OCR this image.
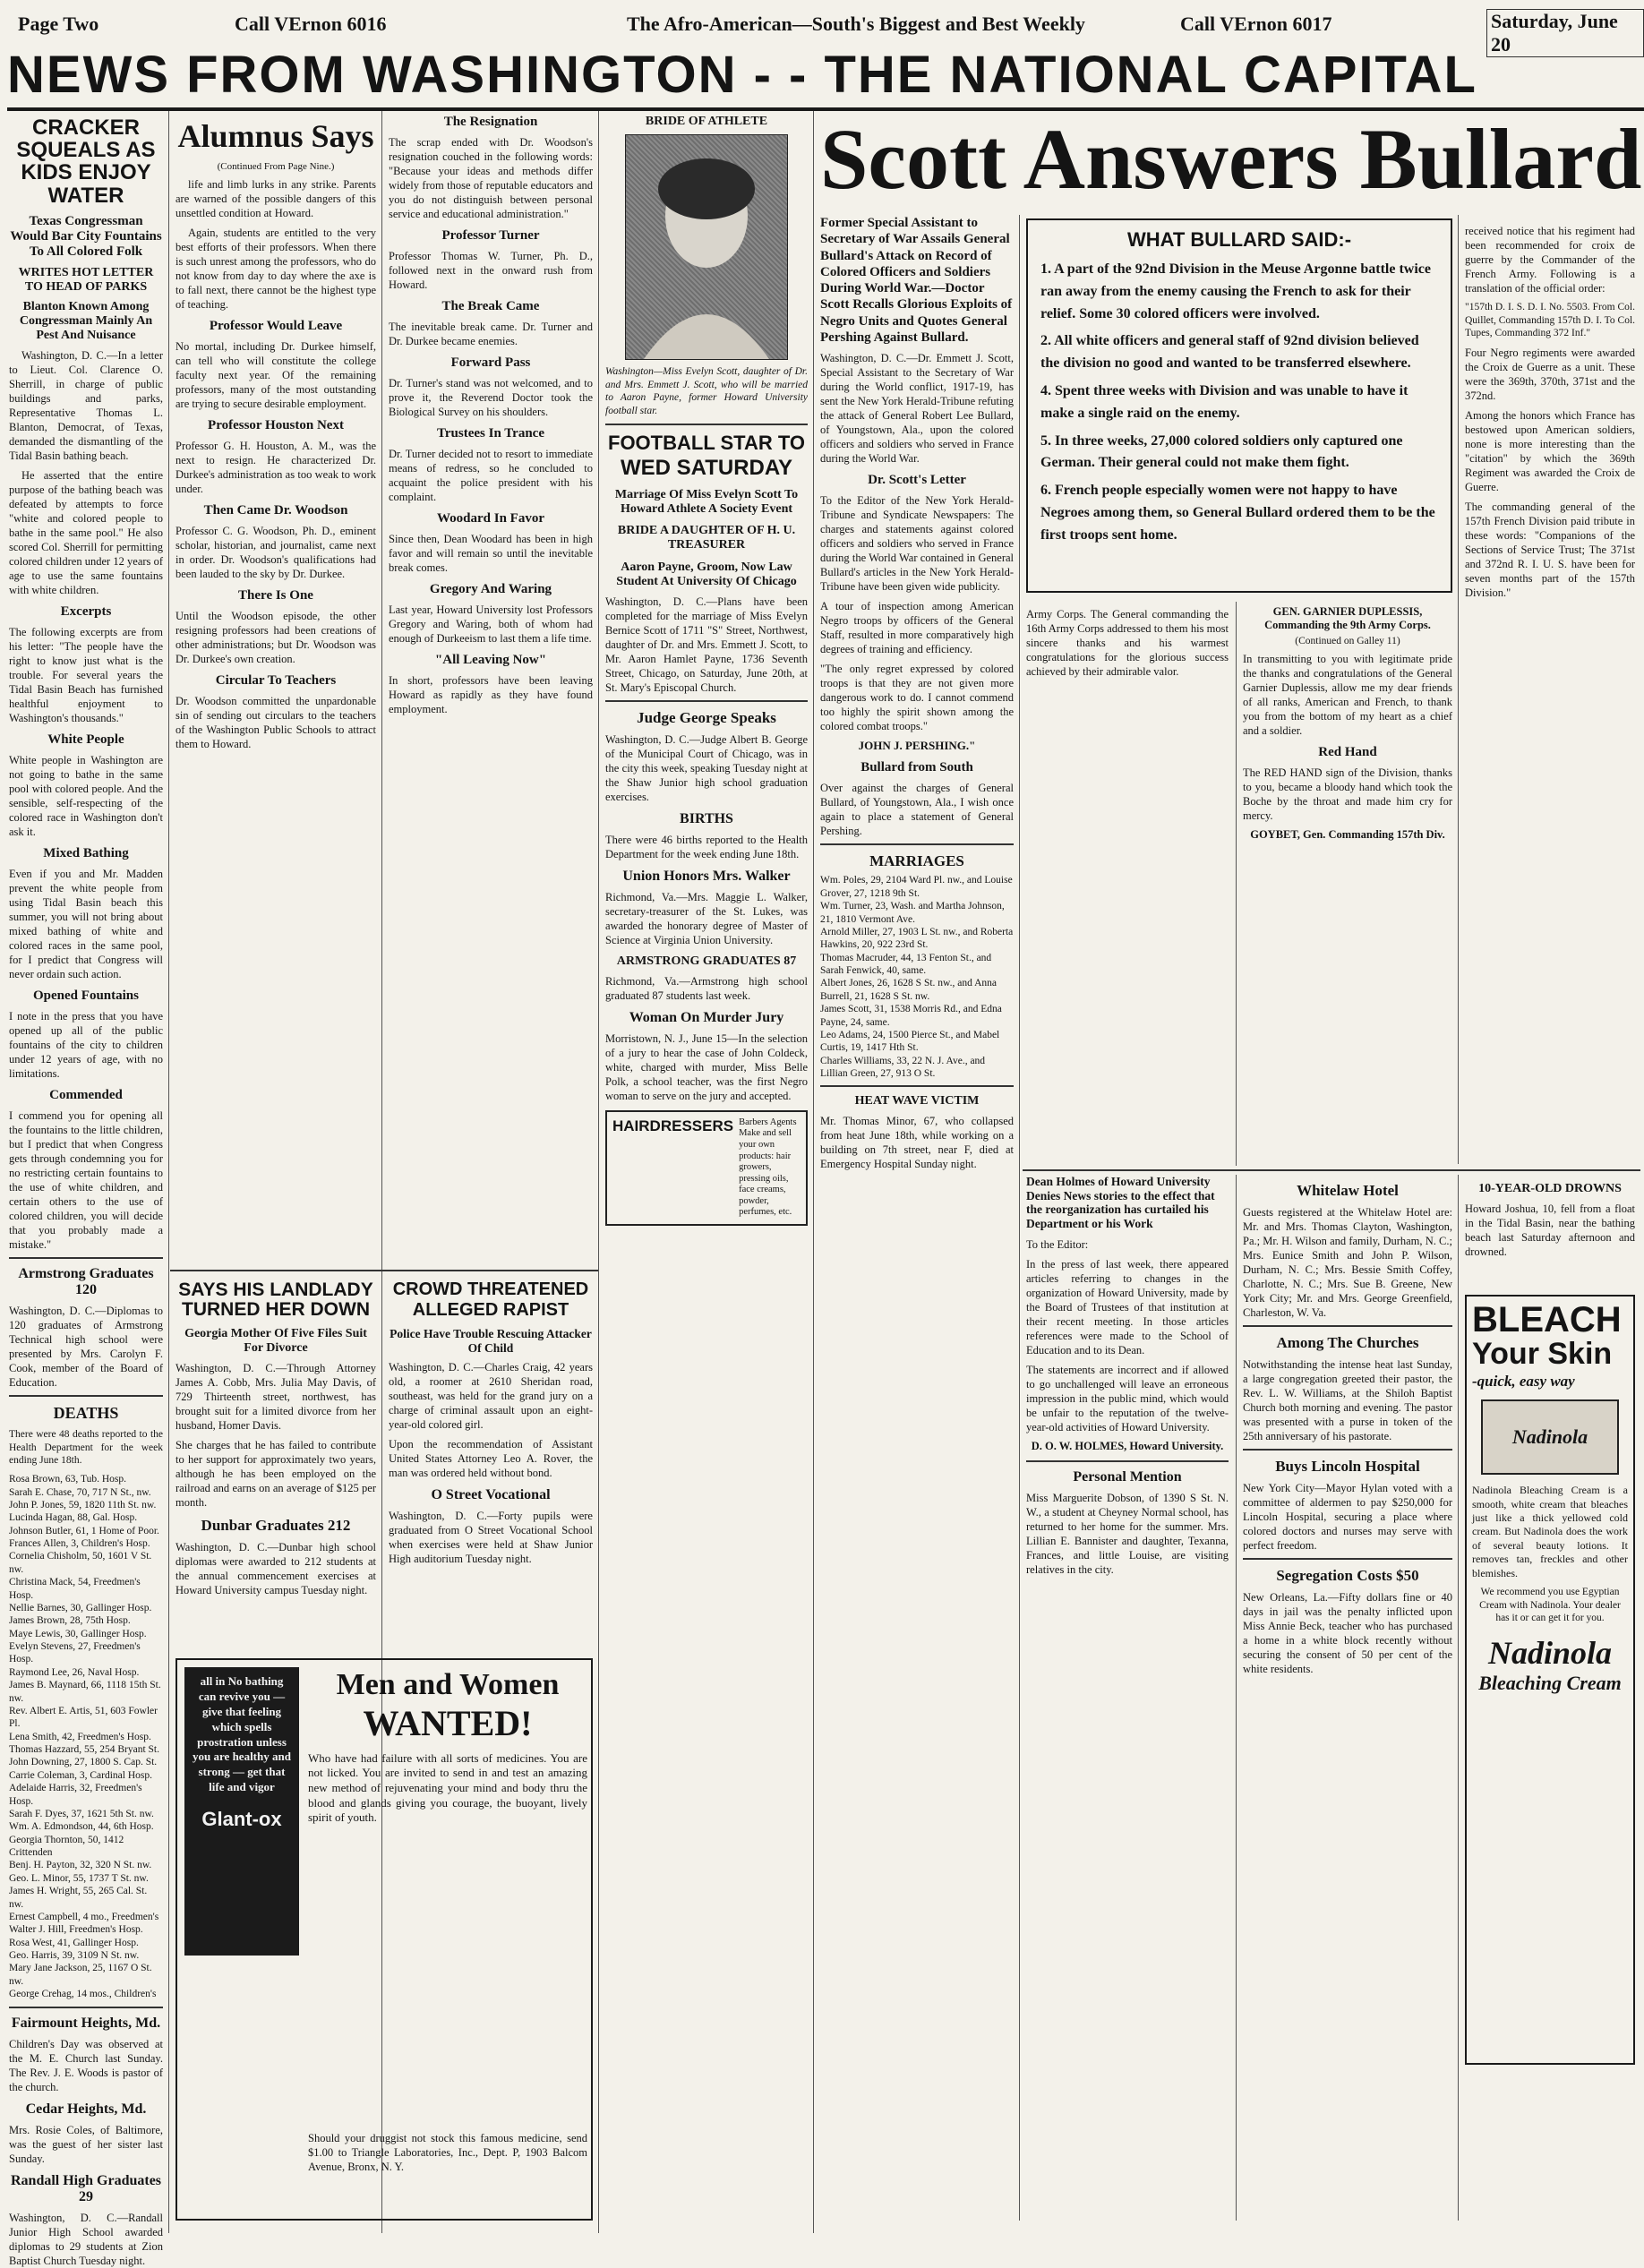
Page Two	Call VErnon 6016	The Afro-American—South's Biggest and Best Weekly	Call VErnon 6017	Saturday, June 20
NEWS FROM WASHINGTON - - THE NATIONAL CAPITAL
CRACKER SQUEALS AS KIDS ENJOY WATER
Texas Congressman Would Bar City Fountains To All Colored Folk
WRITES HOT LETTER TO HEAD OF PARKS
Blanton Known Among Congressman Mainly An Pest And Nuisance

Washington, D. C.—In a letter to Lieut. Col. Clarence O. Sherrill, in charge of public buildings and parks, Representative Thomas L. Blanton, Democrat, of Texas, demanded the dismantling of the Tidal Basin bathing beach.

He asserted that the entire purpose of the bathing beach was defeated by attempts to force "white and colored people to bathe in the same pool." He also scored Col. Sherrill for permitting colored children under 12 years of age to use the same fountains with white children.

Excerpts
The following excerpts are from his letter: "The people have the right to know just what is the trouble. For several years the Tidal Basin Beach has furnished healthful enjoyment to Washington's thousands."
White People
White people in Washington are not going to bathe in the same pool with colored people. And the sensible, self-respecting of the colored race in Washington don't ask it.
Mixed Bathing
Even if you and Mr. Madden prevent the white people from using Tidal Basin beach this summer, you will not bring about mixed bathing of white and colored races in the same pool, for I predict that Congress will never ordain such action.
Opened Fountains
I note in the press that you have opened up all of the public fountains of the city to children under 12 years of age, with no limitations.
Commended
I commend you for opening all the fountains to the little children, but I predict that when Congress gets through condemning you for no restricting certain fountains to the use of white children, and certain others to the use of colored children, you will decide that you probably made a mistake."
Armstrong Graduates 120
Washington, D. C.—Diplomas to 120 graduates of Armstrong Technical high school were presented by Mrs. Carolyn F. Cook, member of the Board of Education.
DEATHS
There were 48 deaths reported to the Health Department for the week ending June 18th.
Rosa Brown, 63, Tub. Hosp.
Sarah E. Chase, 70, 717 N St., nw.
John P. Jones, 59, 1820 11th St. nw.
Lucinda Hagan, 88, Gal. Hosp.
Johnson Butler, 61, 1 Home of Poor.
Frances Allen, 3, Children's Hosp.
Cornelia Chisholm, 50, 1601 V St. nw.
Christina Mack, 54, Freedmen's Hosp.
Nellie Barnes, 30, Gallinger Hosp.
James Brown, 28, 75th Hosp.
Maye Lewis, 30, Gallinger Hosp.
Evelyn Stevens, 27, Freedmen's Hosp.
Raymond Lee, 26, Naval Hosp.
James B. Maynard, 66, 1118 15th St. nw.
Rev. Albert E. Artis, 51, 603 Fowler Pl.
Lena Smith, 42, Freedmen's Hosp.
Thomas Hazzard, 55, 254 Bryant St.
John Downing, 27, 1800 S. Cap. St.
Carrie Coleman, 3, Cardinal Hosp.
Adelaide Harris, 32, Freedmen's Hosp.
Sarah F. Dyes, 37, 1621 5th St. nw.
Wm. A. Edmondson, 44, 6th Hosp.
Georgia Thornton, 50, 1412 Crittenden
Benj. H. Payton, 32, 320 N St. nw.
Geo. L. Minor, 55, 1737 T St. nw.
James H. Wright, 55, 265 Cal. St. nw.
Ernest Campbell, 4 mo., Freedmen's
Walter J. Hill, Freedmen's Hosp.
Rosa West, 41, Gallinger Hosp.
Geo. Harris, 39, 3109 N St. nw.
Mary Jane Jackson, 25, 1167 O St. nw.
George Crehag, 14 mos., Children's
Fairmount Heights, Md.
Children's Day was observed at the M. E. Church last Sunday. The Rev. J. E. Woods is pastor of the church.
Cedar Heights, Md.
Mrs. Rosie Coles, of Baltimore, was the guest of her sister last Sunday.
Randall High Graduates 29
Washington, D. C.—Randall Junior High School awarded diplomas to 29 students at Zion Baptist Church Tuesday night.
Alumnus Says
(Continued From Page Nine.)

life and limb lurks in any strike. Parents are warned of the possible dangers of this unsettled condition at Howard.

Again, students are entitled to the very best efforts of their professors. When there is such unrest among the professors, who do not know from day to day where the axe is to fall next, there cannot be the highest type of teaching.

Professor Would Leave
No mortal, including Dr. Durkee himself, can tell who will constitute the college faculty next year. Of the remaining professors, many of the most outstanding are trying to secure desirable employment.
Professor Houston Next
Professor G. H. Houston, A. M., was the next to resign. He characterized Dr. Durkee's administration as too weak to work under.
Then Came Dr. Woodson
Professor C. G. Woodson, Ph. D., eminent scholar, historian, and journalist, came next in order. Dr. Woodson's qualifications had been lauded to the sky by Dr. Durkee.
There Is One
Until the Woodson episode, the other resigning professors had been creations of other administrations; but Dr. Woodson was Dr. Durkee's own creation.
Circular To Teachers
Dr. Woodson committed the unpardonable sin of sending out circulars to the teachers of the Washington Public Schools to attract them to Howard.
The Resignation
The scrap ended with Dr. Woodson's resignation couched in the following words: "Because your ideas and methods differ widely from those of reputable educators and you do not distinguish between personal service and educational administration."
Professor Turner
Professor Thomas W. Turner, Ph. D., followed next in the onward rush from Howard.
The Break Came
The inevitable break came. Dr. Turner and Dr. Durkee became enemies.
Forward Pass
Dr. Turner's stand was not welcomed, and to prove it, the Reverend Doctor took the Biological Survey on his shoulders.
Trustees In Trance
Dr. Turner decided not to resort to immediate means of redress, so he concluded to acquaint the police president with his complaint.
Woodard In Favor
Since then, Dean Woodard has been in high favor and will remain so until the inevitable break comes.
Gregory And Waring
Last year, Howard University lost Professors Gregory and Waring, both of whom had enough of Durkeeism to last them a life time.
"All Leaving Now"
In short, professors have been leaving Howard as rapidly as they have found employment.
SAYS HIS LANDLADY TURNED HER DOWN
Georgia Mother Of Five Files Suit For Divorce
Washington, D. C.—Through Attorney James A. Cobb, Mrs. Julia May Davis, of 729 Thirteenth street, northwest, has brought suit for a limited divorce from her husband, Homer Davis.
She charges that he has failed to contribute to her support for approximately two years, although he has been employed on the railroad and earns on an average of $125 per month.
Dunbar Graduates 212
Washington, D. C.—Dunbar high school diplomas were awarded to 212 students at the annual commencement exercises at Howard University campus Tuesday night.
CROWD THREATENED
ALLEGED RAPIST
Police Have Trouble Rescuing Attacker Of Child
Washington, D. C.—Charles Craig, 42 years old, a roomer at 2610 Sheridan road, southeast, was held for the grand jury on a charge of criminal assault upon an eight-year-old colored girl.
Upon the recommendation of Assistant United States Attorney Leo A. Rover, the man was ordered held without bond.
O Street Vocational
Washington, D. C.—Forty pupils were graduated from O Street Vocational School when exercises were held at Shaw Junior High auditorium Tuesday night.
all in No bathing can revive you — give that feeling which spells prostration unless you are healthy and strong — get that life and vigor
Glant-ox
Men and Women
WANTED!
Who have had failure with all sorts of medicines. You are not licked. You are invited to send in and test an amazing new method of rejuvenating your mind and body thru the blood and glands giving you courage, the buoyant, lively spirit of youth.
Should your druggist not stock this famous medicine, send $1.00 to Triangle Laboratories, Inc., Dept. P, 1903 Balcom Avenue, Bronx, N. Y.
BRIDE OF ATHLETE
Washington—Miss Evelyn Scott, daughter of Dr. and Mrs. Emmett J. Scott, who will be married to Aaron Payne, former Howard University football star.
FOOTBALL STAR TO
WED SATURDAY
Marriage Of Miss Evelyn Scott To Howard Athlete A Society Event
BRIDE A DAUGHTER OF H. U. TREASURER
Aaron Payne, Groom, Now Law Student At University Of Chicago
Washington, D. C.—Plans have been completed for the marriage of Miss Evelyn Bernice Scott of 1711 "S" Street, Northwest, daughter of Dr. and Mrs. Emmett J. Scott, to Mr. Aaron Hamlet Payne, 1736 Seventh Street, Chicago, on Saturday, June 20th, at St. Mary's Episcopal Church.
Judge George Speaks
Washington, D. C.—Judge Albert B. George of the Municipal Court of Chicago, was in the city this week, speaking Tuesday night at the Shaw Junior high school graduation exercises.
BIRTHS
There were 46 births reported to the Health Department for the week ending June 18th.
Union Honors Mrs. Walker
Richmond, Va.—Mrs. Maggie L. Walker, secretary-treasurer of the St. Lukes, was awarded the honorary degree of Master of Science at Virginia Union University.
ARMSTRONG GRADUATES 87
Richmond, Va.—Armstrong high school graduated 87 students last week.
Woman On Murder Jury
Morristown, N. J., June 15—In the selection of a jury to hear the case of John Coldeck, white, charged with murder, Miss Belle Polk, a school teacher, was the first Negro woman to serve on the jury and accepted.
HAIRDRESSERS Barbers Agents Make and sell your own products: hair growers, pressing oils, face creams, powder, perfumes, etc.
Scott Answers Bullard
Former Special Assistant to Secretary of War Assails General Bullard's Attack on Record of Colored Officers and Soldiers During World War.—Doctor Scott Recalls Glorious Exploits of Negro Units and Quotes General Pershing Against Bullard.
Washington, D. C.—Dr. Emmett J. Scott, Special Assistant to the Secretary of War during the World conflict, 1917-19, has sent the New York Herald-Tribune refuting the attack of General Robert Lee Bullard, of Youngstown, Ala., upon the colored officers and soldiers who served in France during the World War.
Dr. Scott's Letter
To the Editor of the New York Herald-Tribune and Syndicate Newspapers: The charges and statements against colored officers and soldiers who served in France during the World War contained in General Bullard's articles in the New York Herald-Tribune have been given wide publicity.
A tour of inspection among American Negro troops by officers of the General Staff, resulted in more comparatively high degrees of training and efficiency.
"The only regret expressed by colored troops is that they are not given more dangerous work to do. I cannot commend too highly the spirit shown among the colored combat troops."
JOHN J. PERSHING."
Bullard from South
Over against the charges of General Bullard, of Youngstown, Ala., I wish once again to place a statement of General Pershing.
MARRIAGES
Wm. Poles, 29, 2104 Ward Pl. nw., and Louise Grover, 27, 1218 9th St.
Wm. Turner, 23, Wash. and Martha Johnson, 21, 1810 Vermont Ave.
Arnold Miller, 27, 1903 L St. nw., and Roberta Hawkins, 20, 922 23rd St.
Thomas Macruder, 44, 13 Fenton St., and Sarah Fenwick, 40, same.
Albert Jones, 26, 1628 S St. nw., and Anna Burrell, 21, 1628 S St. nw.
James Scott, 31, 1538 Morris Rd., and Edna Payne, 24, same.
Leo Adams, 24, 1500 Pierce St., and Mabel Curtis, 19, 1417 Hth St.
Charles Williams, 33, 22 N. J. Ave., and Lillian Green, 27, 913 O St.
HEAT WAVE VICTIM
Mr. Thomas Minor, 67, who collapsed from heat June 18th, while working on a building on 7th street, near F, died at Emergency Hospital Sunday night.
WHAT BULLARD SAID:-
1. A part of the 92nd Division in the Meuse Argonne battle twice ran away from the enemy causing the French to ask for their relief. Some 30 colored officers were involved.
2. All white officers and general staff of 92nd division believed the division no good and wanted to be transferred elsewhere.
4. Spent three weeks with Division and was unable to have it make a single raid on the enemy.
5. In three weeks, 27,000 colored soldiers only captured one German. Their general could not make them fight.
6. French people especially women were not happy to have Negroes among them, so General Bullard ordered them to be the first troops sent home.
Army Corps. The General commanding the 16th Army Corps addressed to them his most sincere thanks and his warmest congratulations for the glorious success achieved by their admirable valor.
GEN. GARNIER DUPLESSIS, Commanding the 9th Army Corps.
(Continued on Galley 11)
In transmitting to you with legitimate pride the thanks and congratulations of the General Garnier Duplessis, allow me my dear friends of all ranks, American and French, to thank you from the bottom of my heart as a chief and a soldier.
Red Hand
The RED HAND sign of the Division, thanks to you, became a bloody hand which took the Boche by the throat and made him cry for mercy.
GOYBET, Gen. Commanding 157th Div.
received notice that his regiment had been recommended for croix de guerre by the Commander of the French Army. Following is a translation of the official order:
"157th D. I. S. D. I. No. 5503. From Col. Quillet, Commanding 157th D. I. To Col. Tupes, Commanding 372 Inf."
Four Negro regiments were awarded the Croix de Guerre as a unit. These were the 369th, 370th, 371st and the 372nd.
Among the honors which France has bestowed upon American soldiers, none is more interesting than the "citation" by which the 369th Regiment was awarded the Croix de Guerre.
The commanding general of the 157th French Division paid tribute in these words: "Companions of the Sections of Service Trust; The 371st and 372nd R. I. U. S. have been for seven months part of the 157th Division."
Dean Holmes of Howard University Denies News stories to the effect that the reorganization has curtailed his Department or his Work
To the Editor:
In the press of last week, there appeared articles referring to changes in the organization of Howard University, made by the Board of Trustees of that institution at their recent meeting. In those articles references were made to the School of Education and to its Dean.
The statements are incorrect and if allowed to go unchallenged will leave an erroneous impression in the public mind, which would be unfair to the reputation of the twelve-year-old activities of Howard University.
D. O. W. HOLMES, Howard University.
Personal Mention
Miss Marguerite Dobson, of 1390 S St. N. W., a student at Cheyney Normal school, has returned to her home for the summer. Mrs. Lillian E. Bannister and daughter, Texanna, Frances, and little Louise, are visiting relatives in the city.
Whitelaw Hotel
Guests registered at the Whitelaw Hotel are: Mr. and Mrs. Thomas Clayton, Washington, Pa.; Mr. H. Wilson and family, Durham, N. C.; Mrs. Eunice Smith and John P. Wilson, Durham, N. C.; Mrs. Bessie Smith Coffey, Charlotte, N. C.; Mrs. Sue B. Greene, New York City; Mr. and Mrs. George Greenfield, Charleston, W. Va.
Among The Churches
Notwithstanding the intense heat last Sunday, a large congregation greeted their pastor, the Rev. L. W. Williams, at the Shiloh Baptist Church both morning and evening. The pastor was presented with a purse in token of the 25th anniversary of his pastorate.
Buys Lincoln Hospital
New York City—Mayor Hylan voted with a committee of aldermen to pay $250,000 for Lincoln Hospital, securing a place where colored doctors and nurses may serve with perfect freedom.
Segregation Costs $50
New Orleans, La.—Fifty dollars fine or 40 days in jail was the penalty inflicted upon Miss Annie Beck, teacher who has purchased a home in a white block recently without securing the consent of 50 per cent of the white residents.
10-YEAR-OLD DROWNS
Howard Joshua, 10, fell from a float in the Tidal Basin, near the bathing beach last Saturday afternoon and drowned.
BLEACH
Your Skin
-quick, easy way
Nadinola
Nadinola Bleaching Cream is a smooth, white cream that bleaches just like a thick yellowed cold cream. But Nadinola does the work of several beauty lotions. It removes tan, freckles and other blemishes.
We recommend you use Egyptian Cream with Nadinola. Your dealer has it or can get it for you.
Nadinola
Bleaching Cream
